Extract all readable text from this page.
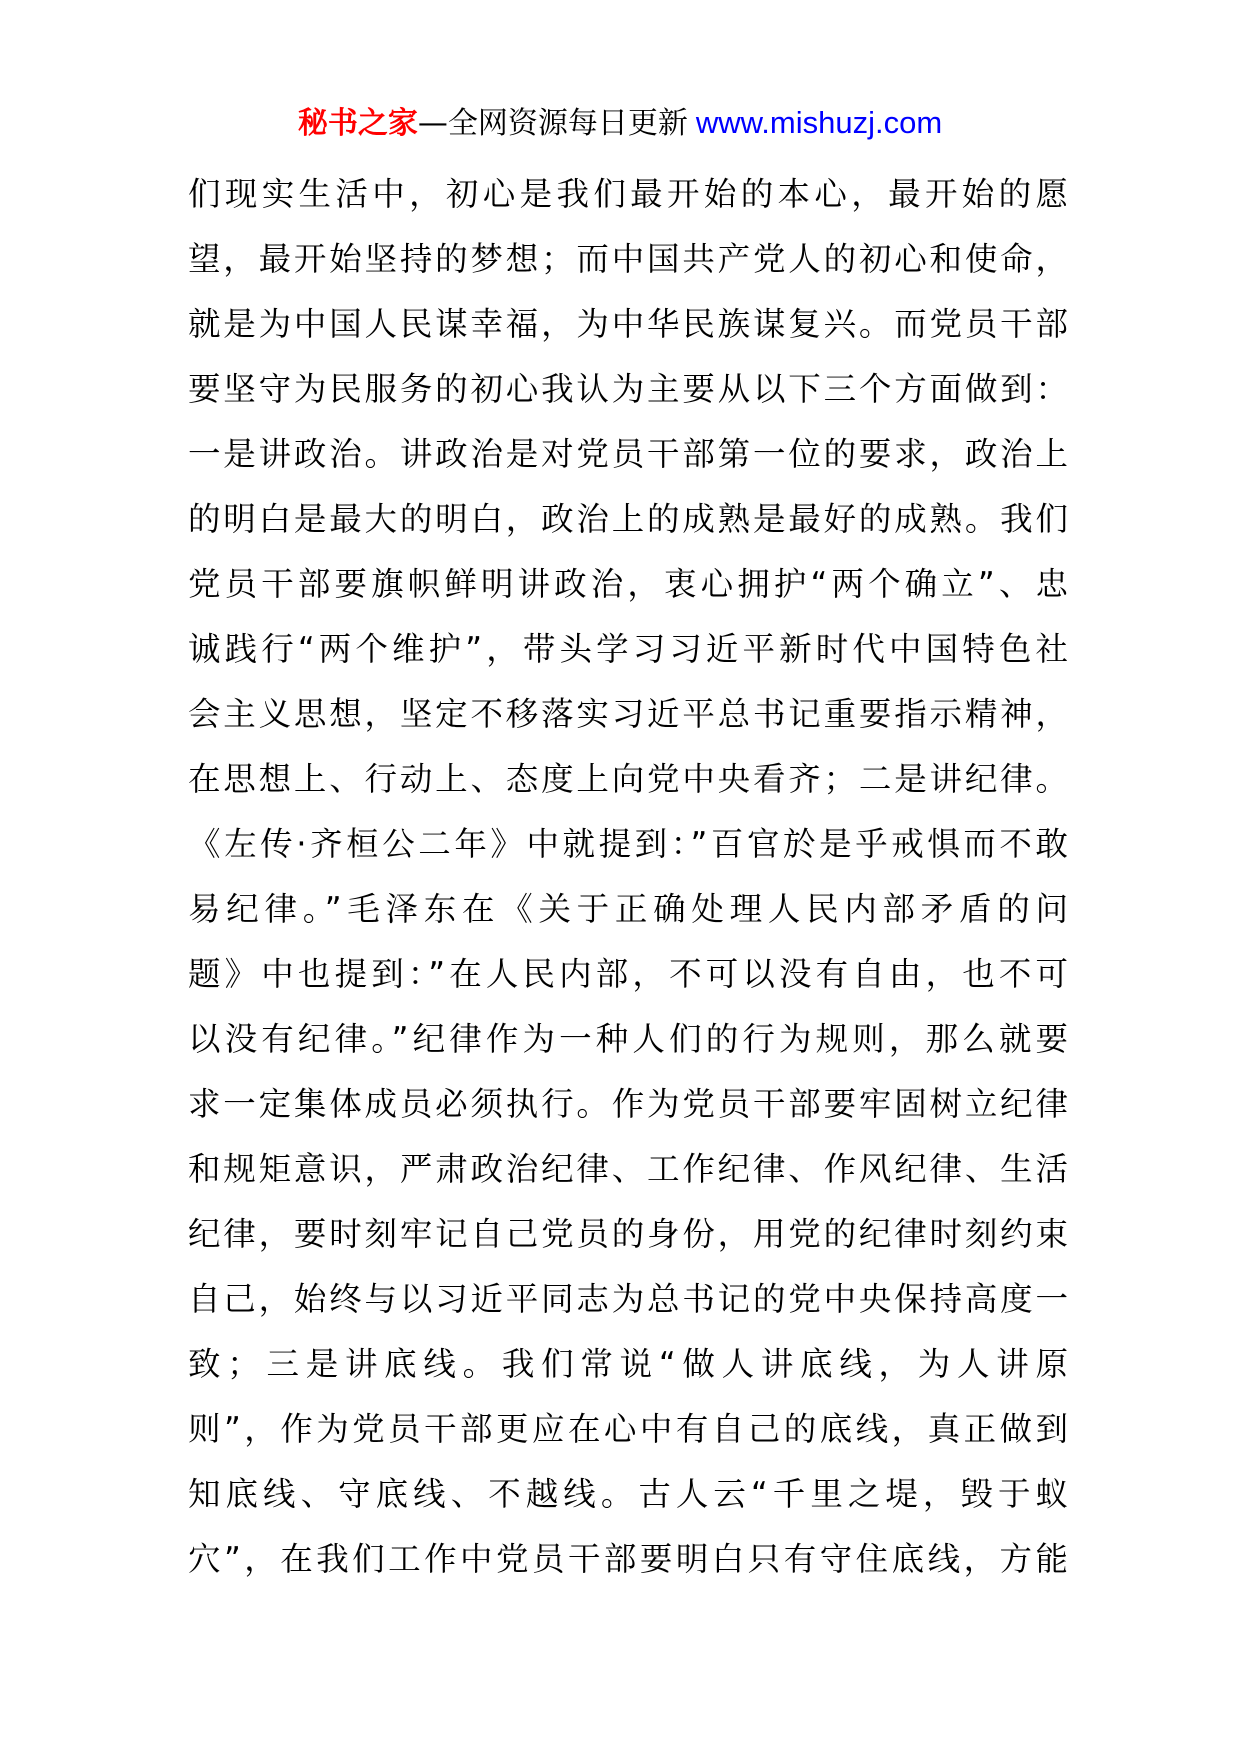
秘书之家—全网资源每日更新 www.mishuzj.com
们现实生活中，初心是我们最开始的本心，最开始的愿
望，最开始坚持的梦想；而中国共产党人的初心和使命，
就是为中国人民谋幸福，为中华民族谋复兴。而党员干部
要坚守为民服务的初心我认为主要从以下三个方面做到：
一是讲政治。讲政治是对党员干部第一位的要求，政治上
的明白是最大的明白，政治上的成熟是最好的成熟。我们
党员干部要旗帜鲜明讲政治，衷心拥护“两个确立”、忠
诚践行“两个维护”，带头学习习近平新时代中国特色社
会主义思想，坚定不移落实习近平总书记重要指示精神，
在思想上、行动上、态度上向党中央看齐；二是讲纪律。
《左传·齐桓公二年》中就提到：”百官於是乎戒惧而不敢
易纪律。”毛泽东在《关于正确处理人民内部矛盾的问
题》中也提到：”在人民内部，不可以没有自由，也不可
以没有纪律。”纪律作为一种人们的行为规则，那么就要
求一定集体成员必须执行。作为党员干部要牢固树立纪律
和规矩意识，严肃政治纪律、工作纪律、作风纪律、生活
纪律，要时刻牢记自己党员的身份，用党的纪律时刻约束
自己，始终与以习近平同志为总书记的党中央保持高度一
致；三是讲底线。我们常说“做人讲底线，为人讲原
则”，作为党员干部更应在心中有自己的底线，真正做到
知底线、守底线、不越线。古人云“千里之堤，毁于蚁
穴”，在我们工作中党员干部要明白只有守住底线，方能
